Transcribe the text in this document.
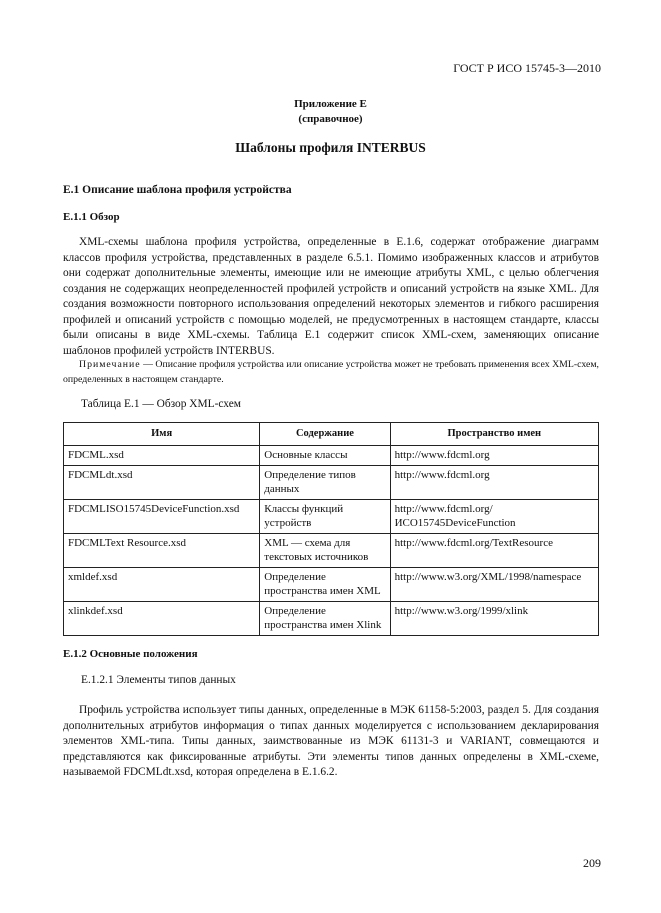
ГОСТ Р ИСО 15745-3—2010
Приложение Е
(справочное)
Шаблоны профиля INTERBUS
Е.1 Описание шаблона профиля устройства
Е.1.1 Обзор
XML-схемы шаблона профиля устройства, определенные в Е.1.6, содержат отображение диаграмм классов профиля устройства, представленных в разделе 6.5.1. Помимо изображенных классов и атрибутов они содержат дополнительные элементы, имеющие или не имеющие атрибуты XML, с целью облегчения создания не содержащих неопределенностей профилей устройств и описаний устройств на языке XML. Для создания возможности повторного использования определений некоторых элементов и гибкого расширения профилей и описаний устройств с помощью моделей, не предусмотренных в настоящем стандарте, классы были описаны в виде XML-схемы. Таблица Е.1 содержит список XML-схем, заменяющих описание шаблонов профилей устройств INTERBUS.
Примечание — Описание профиля устройства или описание устройства может не требовать применения всех XML-схем, определенных в настоящем стандарте.
Таблица Е.1 — Обзор XML-схем
Имя	Содержание	Пространство имен
FDCML.xsd	Основные классы	http://www.fdcml.org
FDCMLdt.xsd	Определение типов данных	http://www.fdcml.org
FDCMLISO15745DeviceFunction.xsd	Классы функций устройств	http://www.fdcml.org/ ИСО15745DeviceFunction
FDCMLText Resource.xsd	XML — схема для текстовых источников	http://www.fdcml.org/TextResource
xmldef.xsd	Определение пространства имен XML	http://www.w3.org/XML/1998/namespace
xlinkdef.xsd	Определение пространства имен Xlink	http://www.w3.org/1999/xlink
Е.1.2 Основные положения
Е.1.2.1 Элементы типов данных
Профиль устройства использует типы данных, определенные в МЭК 61158-5:2003, раздел 5. Для создания дополнительных атрибутов информация о типах данных моделируется с использованием декларирования элементов XML-типа. Типы данных, заимствованные из МЭК 61131-3 и VARIANT, совмещаются и представляются как фиксированные атрибуты. Эти элементы типов данных определены в XML-схеме, называемой FDCMLdt.xsd, которая определена в Е.1.6.2.
209
